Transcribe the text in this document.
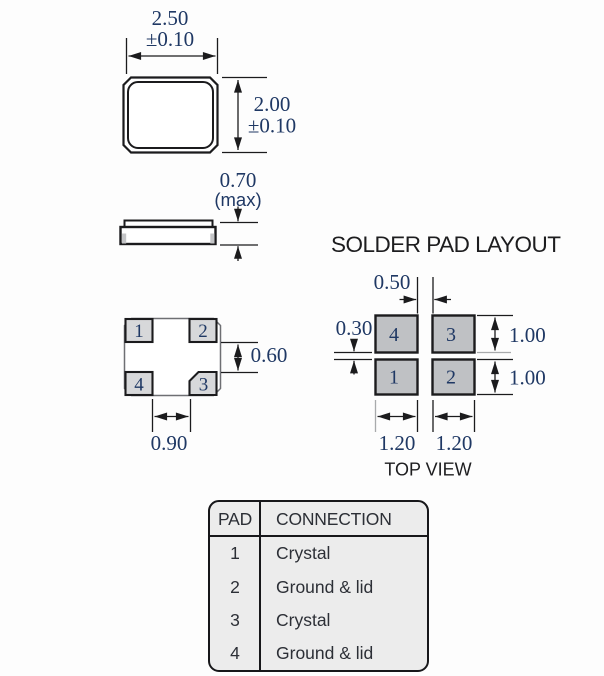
2.50
±0.10
2.00
±0.10
0.70
(max)
1	2
4	3
0.60
0.90
SOLDER PAD LAYOUT
4 3
1 2
0.50
0.30	1.00
1.00
1.20 1.20
TOP VIEW
PAD	CONNECTION
1	Crystal
2	Ground & lid
3	Crystal
4	Ground & lid
